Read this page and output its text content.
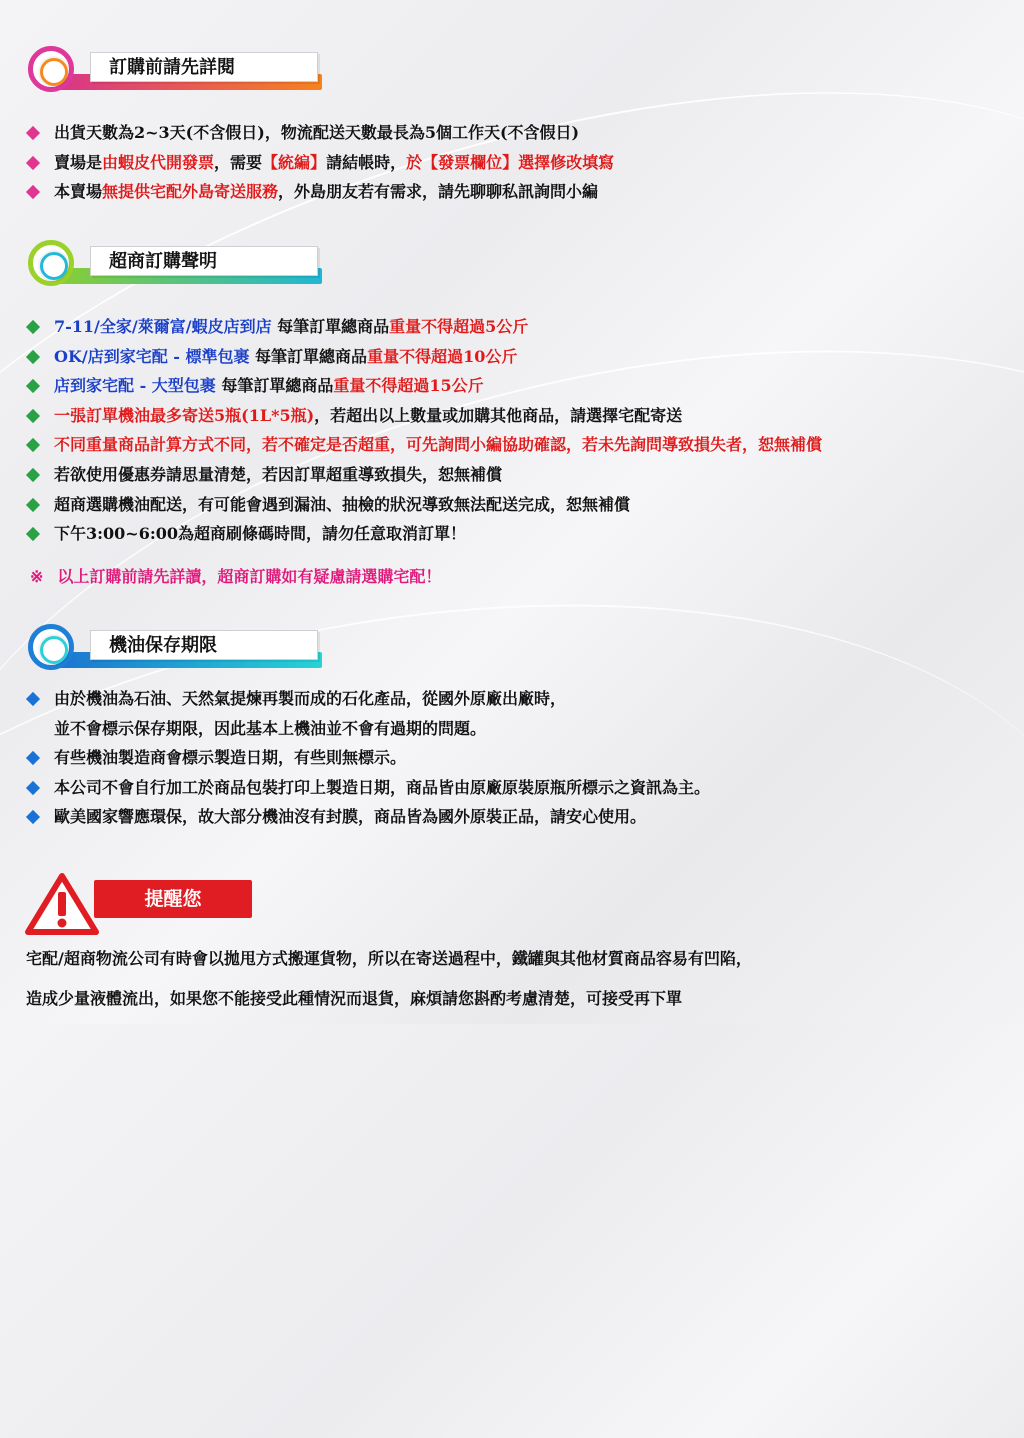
訂購前請先詳閱
出貨天數為2~3天(不含假日)，物流配送天數最長為5個工作天(不含假日)
賣場是由蝦皮代開發票，需要【統編】請結帳時，於【發票欄位】選擇修改填寫
本賣場無提供宅配外島寄送服務，外島朋友若有需求，請先聊聊私訊詢問小編
超商訂購聲明
7-11/全家/萊爾富/蝦皮店到店 每筆訂單總商品重量不得超過5公斤
OK/店到家宅配 - 標準包裹 每筆訂單總商品重量不得超過10公斤
店到家宅配 - 大型包裹 每筆訂單總商品重量不得超過15公斤
一張訂單機油最多寄送5瓶(1L*5瓶)，若超出以上數量或加購其他商品，請選擇宅配寄送
不同重量商品計算方式不同，若不確定是否超重，可先詢問小編協助確認，若未先詢問導致損失者，恕無補償
若欲使用優惠券請思量清楚，若因訂單超重導致損失，恕無補償
超商選購機油配送，有可能會遇到漏油、抽檢的狀況導致無法配送完成，恕無補償
下午3:00~6:00為超商刷條碼時間，請勿任意取消訂單！
※ 以上訂購前請先詳讀，超商訂購如有疑慮請選購宅配！
機油保存期限
由於機油為石油、天然氣提煉再製而成的石化產品，從國外原廠出廠時，
並不會標示保存期限，因此基本上機油並不會有過期的問題。
有些機油製造商會標示製造日期，有些則無標示。
本公司不會自行加工於商品包裝打印上製造日期，商品皆由原廠原裝原瓶所標示之資訊為主。
歐美國家響應環保，故大部分機油沒有封膜，商品皆為國外原裝正品，請安心使用。
提醒您
宅配/超商物流公司有時會以拋甩方式搬運貨物，所以在寄送過程中，鐵罐與其他材質商品容易有凹陷，
造成少量液體流出，如果您不能接受此種情況而退貨，麻煩請您斟酌考慮清楚，可接受再下單
